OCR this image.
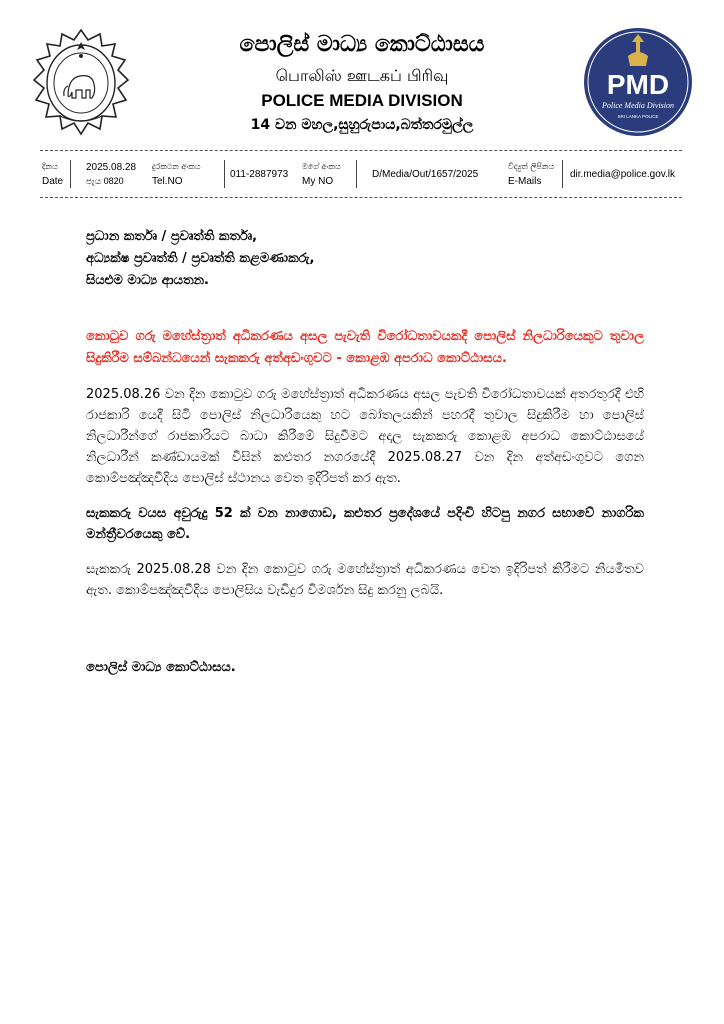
පොලිස් මාධ්‍ය කොට්ඨාසය
பொலிஸ் ஊடகப் பிரிவு
POLICE MEDIA DIVISION
14 වන මහල,සුහුරුපාය,බත්තරමුල්ල
PMD
Police Media Division
SRI LANKA POLICE
දිනය
Date
2025.08.28
පැය 0820
දුරකථන අංකය
Tel.NO
011-2887973
මගේ අංකය
My NO
D/Media/Out/1657/2025
විද්‍යුත් ලිපිනය
E-Mails
dir.media@police.gov.lk
ප්‍රධාන කර්තෘ / ප්‍රවෘත්ති කර්තෘ,
අධ්‍යක්ෂ ප්‍රවෘත්ති / ප්‍රවෘත්ති කළමණාකරු,
සියළුම මාධ්‍ය ආයතන.
කොටුව ගරු මහේස්ත්‍රාත් අධිකරණය අසල පැවැති විරෝධතාවයකදී පොලිස් නිලධාරියෙකුට තුවාල සිදුකිරීම සම්බන්ධයෙන් සැකකරු අත්අඩංගුවට - කොළඹ අපරාධ කොට්ඨාසය.
2025.08.26 වන දින කොටුව ගරු මහේස්ත්‍රාත් අධිකරණය අසල පැවති විරෝධතාවයක් අතරතුරදී එහි රාජකාරි යෙදී සිටි පොලිස් නිලධාරියෙකු හට බෝතලයකින් පහරදී තුවාල සිදුකිරීම හා පොලිස් නිලධාරීන්ගේ රාජකාරියට බාධා කිරීමේ සිදුවීමට අදාල සැකකරු කොළඹ අපරාධ කොට්ඨාසයේ නිලධාරීන් කණ්ඩායමක් විසින් කළුතර නගරයේදී 2025.08.27 වන දින අත්අඩංගුවට ගෙන කොම්පඤ්ඤවීදිය පොලිස් ස්ථානය වෙත ඉදිරිපත් කර ඇත.
සැකකරු වයස අවුරුදු 52 ක් වන නාගොඩ, කළුතර ප්‍රදේශයේ පදිංචි හිටපු නගර සභාවේ නාගරික මන්ත්‍රීවරයෙකු වේ.
සැකකරු 2025.08.28 වන දින කොටුව ගරු මහේස්ත්‍රාත් අධිකරණය වෙත ඉදිරිපත් කිරීමට නියමිතව ඇත. කොම්පඤ්ඤවීදිය පොලිසිය වැඩිදුර විමර්ශන සිදු කරනු ලබයි.
පොලිස් මාධ්‍ය කොට්ඨාසය.
